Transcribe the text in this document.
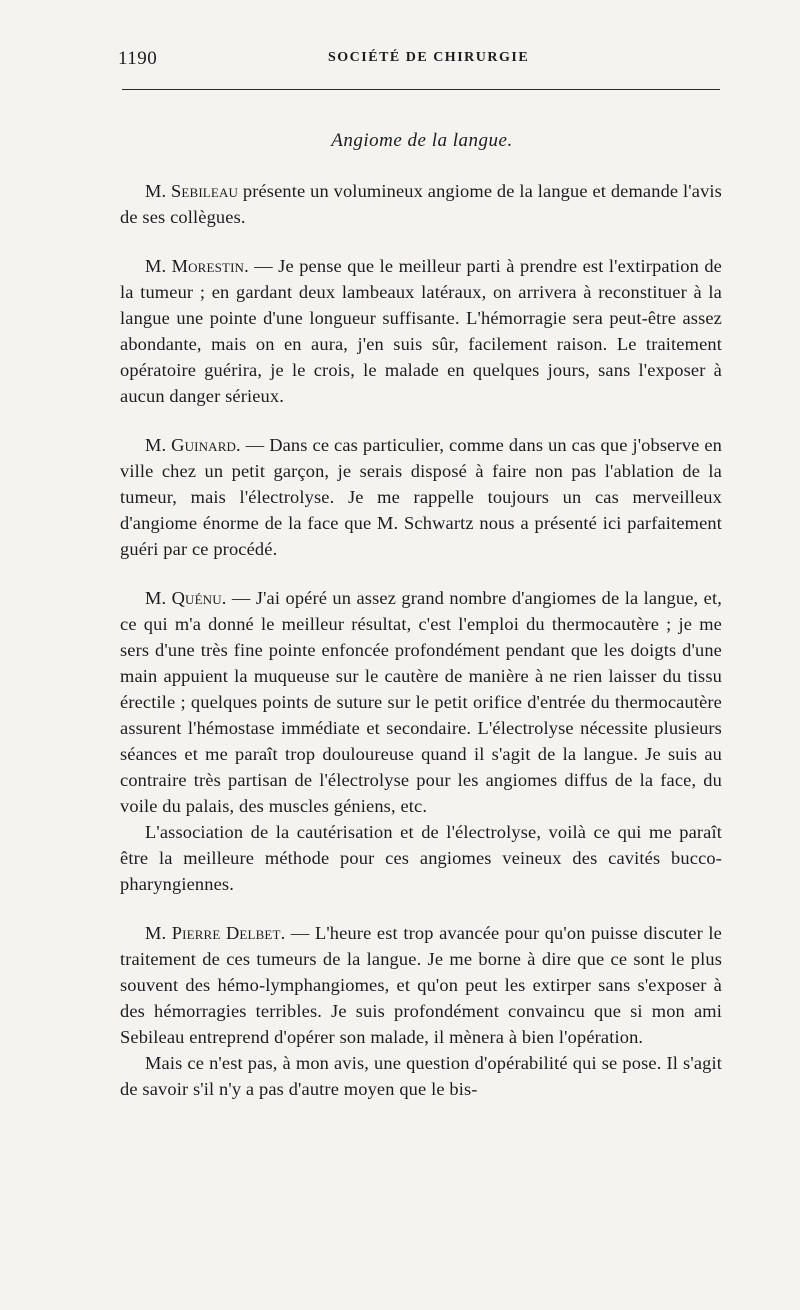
1190	SOCIÉTÉ DE CHIRURGIE
Angiome de la langue.

M. Sebileau présente un volumineux angiome de la langue et demande l'avis de ses collègues.

M. Morestin. — Je pense que le meilleur parti à prendre est l'extirpation de la tumeur ; en gardant deux lambeaux latéraux, on arrivera à reconstituer à la langue une pointe d'une longueur suffisante. L'hémorragie sera peut-être assez abondante, mais on en aura, j'en suis sûr, facilement raison. Le traitement opératoire guérira, je le crois, le malade en quelques jours, sans l'exposer à aucun danger sérieux.

M. Guinard. — Dans ce cas particulier, comme dans un cas que j'observe en ville chez un petit garçon, je serais disposé à faire non pas l'ablation de la tumeur, mais l'électrolyse. Je me rappelle toujours un cas merveilleux d'angiome énorme de la face que M. Schwartz nous a présenté ici parfaitement guéri par ce procédé.

M. Quénu. — J'ai opéré un assez grand nombre d'angiomes de la langue, et, ce qui m'a donné le meilleur résultat, c'est l'emploi du thermocautère ; je me sers d'une très fine pointe enfoncée profondément pendant que les doigts d'une main appuient la muqueuse sur le cautère de manière à ne rien laisser du tissu érectile ; quelques points de suture sur le petit orifice d'entrée du thermocautère assurent l'hémostase immédiate et secondaire. L'électrolyse nécessite plusieurs séances et me paraît trop douloureuse quand il s'agit de la langue. Je suis au contraire très partisan de l'électrolyse pour les angiomes diffus de la face, du voile du palais, des muscles géniens, etc.

L'association de la cautérisation et de l'électrolyse, voilà ce qui me paraît être la meilleure méthode pour ces angiomes veineux des cavités bucco-pharyngiennes.

M. Pierre Delbet. — L'heure est trop avancée pour qu'on puisse discuter le traitement de ces tumeurs de la langue. Je me borne à dire que ce sont le plus souvent des hémo-lymphangiomes, et qu'on peut les extirper sans s'exposer à des hémorragies terribles. Je suis profondément convaincu que si mon ami Sebileau entreprend d'opérer son malade, il mènera à bien l'opération.

Mais ce n'est pas, à mon avis, une question d'opérabilité qui se pose. Il s'agit de savoir s'il n'y a pas d'autre moyen que le bis-
